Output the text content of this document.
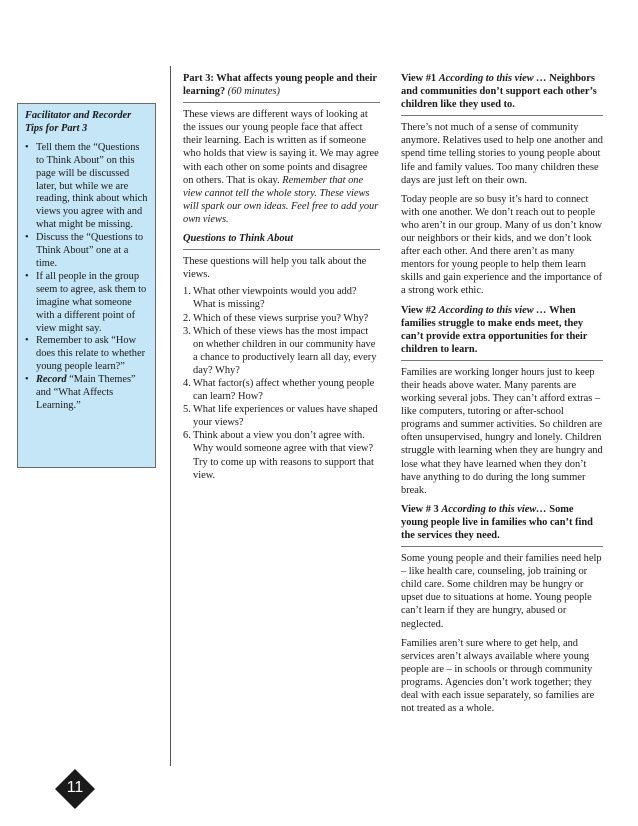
Facilitator and Recorder Tips for Part 3
• Tell them the “Questions to Think About” on this page will be discussed later, but while we are reading, think about which views you agree with and what might be missing.
• Discuss the “Questions to Think About” one at a time.
• If all people in the group seem to agree, ask them to imagine what someone with a different point of view might say.
• Remember to ask “How does this relate to whether young people learn?”
• Record “Main Themes” and “What Affects Learning.”
Part 3: What affects young people and their learning? (60 minutes)

These views are different ways of looking at the issues our young people face that affect their learning. Each is written as if someone who holds that view is saying it. We may agree with each other on some points and disagree on others. That is okay. Remember that one view cannot tell the whole story. These views will spark our own ideas. Feel free to add your own views.

Questions to Think About
These questions will help you talk about the views.
1. What other viewpoints would you add? What is missing?
2. Which of these views surprise you? Why?
3. Which of these views has the most impact on whether children in our community have a chance to productively learn all day, every day? Why?
4. What factor(s) affect whether young people can learn? How?
5. What life experiences or values have shaped your views?
6. Think about a view you don’t agree with. Why would someone agree with that view? Try to come up with reasons to support that view.
View #1 According to this view … Neighbors and communities don’t support each other’s children like they used to.

There’s not much of a sense of community anymore. Relatives used to help one another and spend time telling stories to young people about life and family values. Too many children these days are just left on their own.

Today people are so busy it’s hard to connect with one another. We don’t reach out to people who aren’t in our group. Many of us don’t know our neighbors or their kids, and we don’t look after each other. And there aren’t as many mentors for young people to help them learn skills and gain experience and the importance of a strong work ethic.

View #2 According to this view … When families struggle to make ends meet, they can’t provide extra opportunities for their children to learn.

Families are working longer hours just to keep their heads above water. Many parents are working several jobs. They can’t afford extras – like computers, tutoring or after-school programs and summer activities. So children are often unsupervised, hungry and lonely. Children struggle with learning when they are hungry and lose what they have learned when they don’t have anything to do during the long summer break.

View # 3 According to this view… Some young people live in families who can’t find the services they need.

Some young people and their families need help – like health care, counseling, job training or child care. Some children may be hungry or upset due to situations at home. Young people can’t learn if they are hungry, abused or neglected.

Families aren’t sure where to get help, and services aren’t always available where young people are – in schools or through community programs. Agencies don’t work together; they deal with each issue separately, so families are not treated as a whole.

11
